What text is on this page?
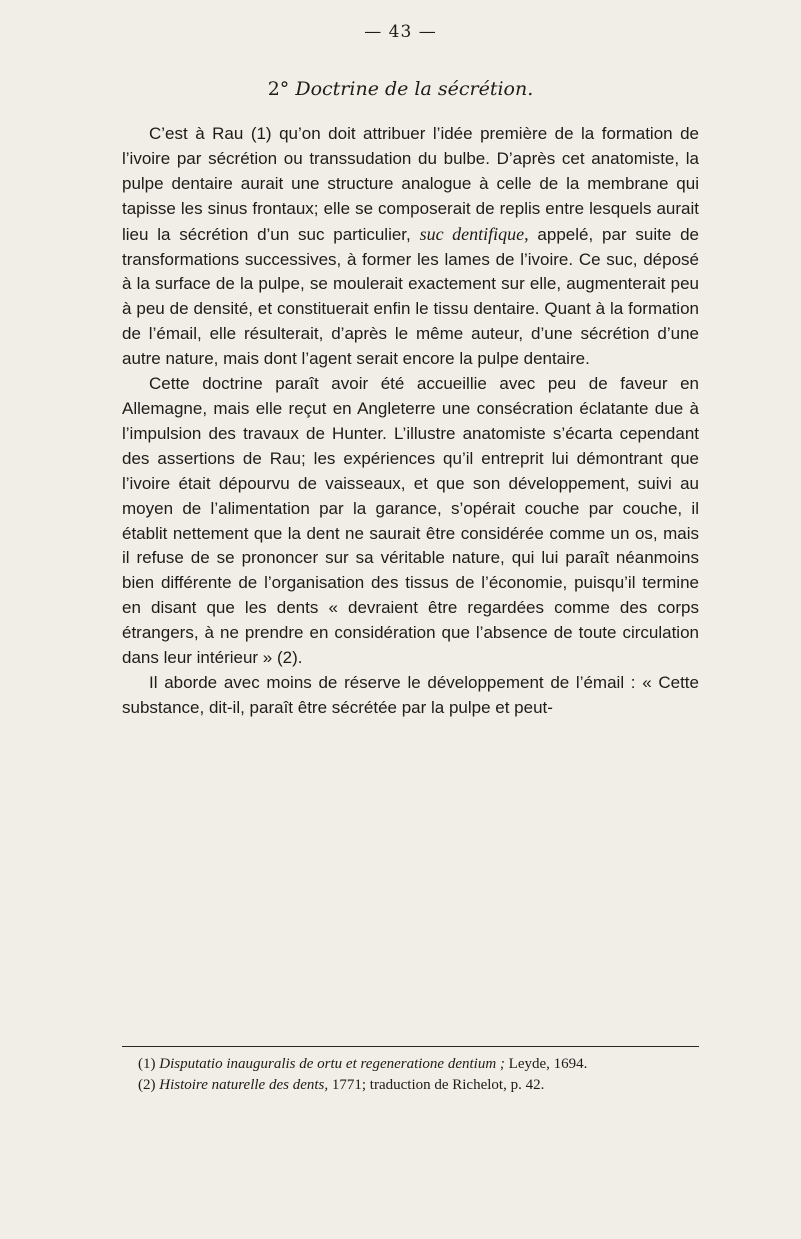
— 43 —
2° Doctrine de la sécrétion.

C’est à Rau (1) qu’on doit attribuer l’idée première de la formation de l’ivoire par sécrétion ou transsudation du bulbe. D’après cet anatomiste, la pulpe dentaire aurait une structure analogue à celle de la membrane qui tapisse les sinus frontaux; elle se composerait de replis entre lesquels aurait lieu la sécrétion d’un suc particulier, suc dentifique, appelé, par suite de transformations successives, à former les lames de l’ivoire. Ce suc, déposé à la surface de la pulpe, se moulerait exactement sur elle, augmenterait peu à peu de densité, et constituerait enfin le tissu dentaire. Quant à la formation de l’émail, elle résulterait, d’après le même auteur, d’une sécrétion d’une autre nature, mais dont l’agent serait encore la pulpe dentaire.

Cette doctrine paraît avoir été accueillie avec peu de faveur en Allemagne, mais elle reçut en Angleterre une consécration éclatante due à l’impulsion des travaux de Hunter. L’illustre anatomiste s’écarta cependant des assertions de Rau; les expériences qu’il entreprit lui démontrant que l’ivoire était dépourvu de vaisseaux, et que son développement, suivi au moyen de l’alimentation par la garance, s’opérait couche par couche, il établit nettement que la dent ne saurait être considérée comme un os, mais il refuse de se prononcer sur sa véritable nature, qui lui paraît néanmoins bien différente de l’organisation des tissus de l’économie, puisqu’il termine en disant que les dents « devraient être regardées comme des corps étrangers, à ne prendre en considération que l’absence de toute circulation dans leur intérieur » (2).

Il aborde avec moins de réserve le développement de l’émail : « Cette substance, dit-il, paraît être sécrétée par la pulpe et peut-

(1) Disputatio inauguralis de ortu et regeneratione dentium ; Leyde, 1694.
(2) Histoire naturelle des dents, 1771; traduction de Richelot, p. 42.
